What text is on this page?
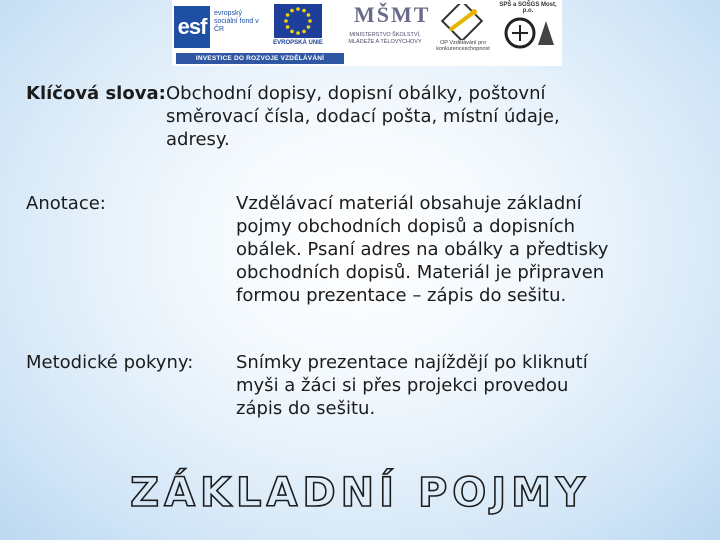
esf
evropský sociální fond v ČR
EVROPSKÁ UNIE
MŠMT
MINISTERSTVO ŠKOLSTVÍ, MLÁDEŽE A TĚLOVÝCHOVY	OP Vzdělávání pro konkurenceschopnost
SPŠ a SOŠGS Most, p.o.
INVESTICE DO ROZVOJE VZDĚLÁVÁNÍ
Klíčová slova: Obchodní dopisy, dopisní obálky, poštovní
směrovací čísla, dodací pošta, místní údaje,
adresy.
Anotace:	Vzdělávací materiál obsahuje základní
pojmy obchodních dopisů a dopisních
obálek. Psaní adres na obálky a předtisky
obchodních dopisů. Materiál je připraven
formou prezentace – zápis do sešitu.
Metodické pokyny: Snímky prezentace najíždějí po kliknutí
myši a žáci si přes projekci provedou
zápis do sešitu.
ZÁKLADNÍ POJMY
